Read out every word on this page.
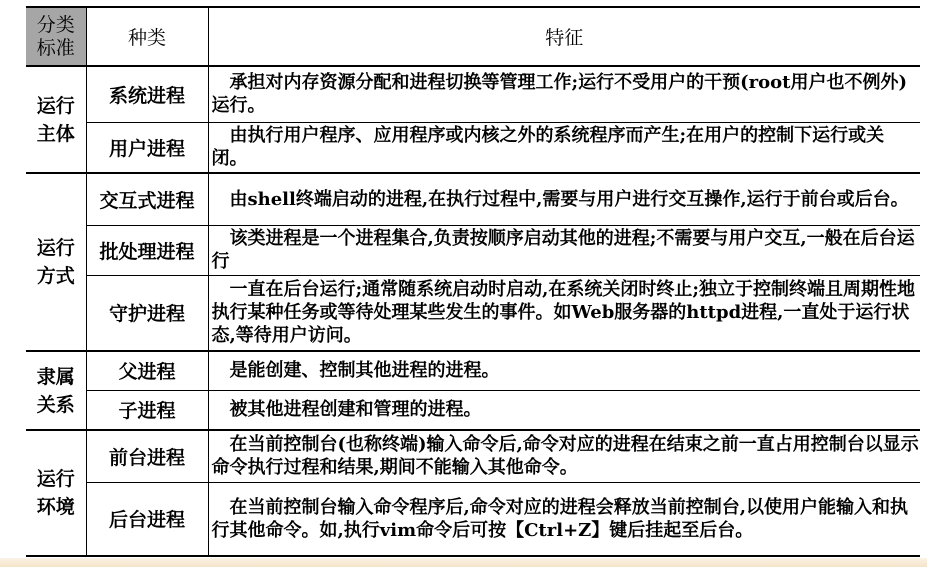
分类
标准	种类	特征

运行
主体	系统进程	承担对内存资源分配和进程切换等管理工作;运行不受用户的干预(root用户也不例外)运行。
	用户进程	由执行用户程序、应用程序或内核之外的系统程序而产生;在用户的控制下运行或关闭。

运行
方式	交互式进程	由shell终端启动的进程,在执行过程中,需要与用户进行交互操作,运行于前台或后台。
	批处理进程	该类进程是一个进程集合,负责按顺序启动其他的进程;不需要与用户交互,一般在后台运行
	守护进程	一直在后台运行;通常随系统启动时启动,在系统关闭时终止;独立于控制终端且周期性地执行某种任务或等待处理某些发生的事件。如Web服务器的httpd进程,一直处于运行状态,等待用户访问。

隶属
关系	父进程	是能创建、控制其他进程的进程。
	子进程	被其他进程创建和管理的进程。

运行
环境	前台进程	在当前控制台(也称终端)输入命令后,命令对应的进程在结束之前一直占用控制台以显示命令执行过程和结果,期间不能输入其他命令。
	后台进程	在当前控制台输入命令程序后,命令对应的进程会释放当前控制台,以使用户能输入和执行其他命令。如,执行vim命令后可按【Ctrl+Z】键后挂起至后台。
